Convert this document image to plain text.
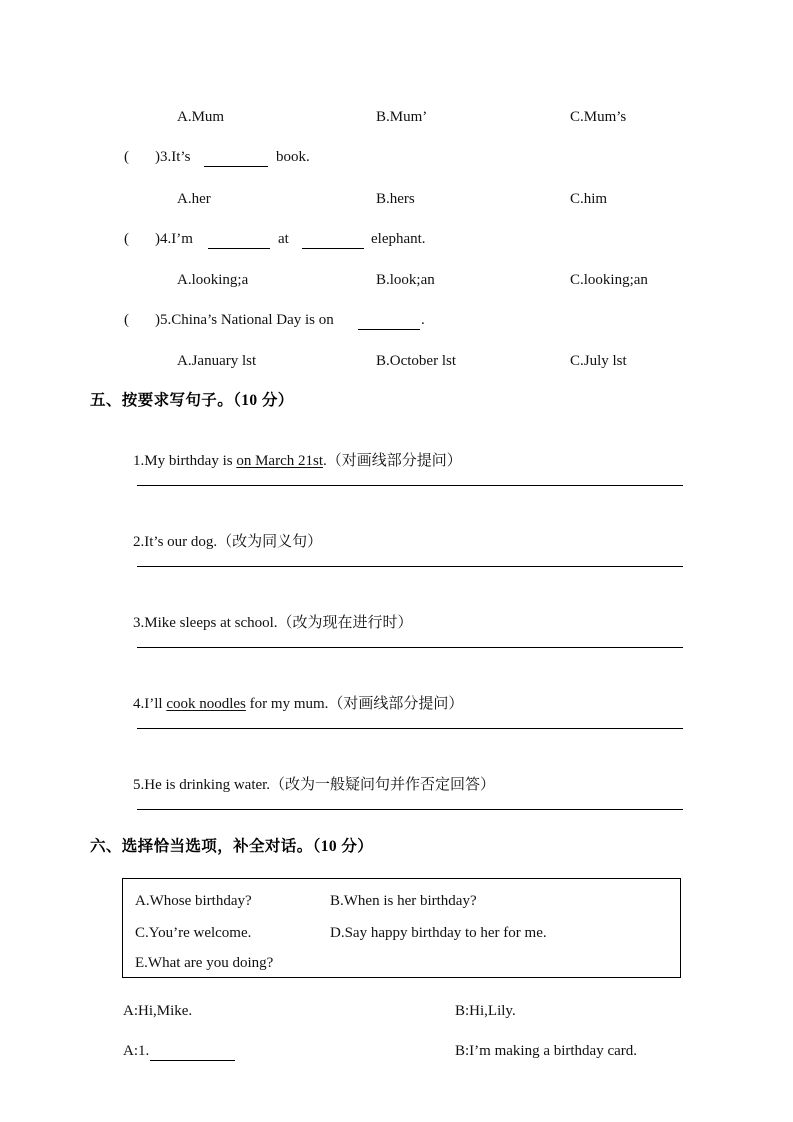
A.Mum	B.Mum’	C.Mum’s
( )3.It’s	book.
A.her	B.hers	C.him
( )4.I’m	at	elephant.
A.looking;a	B.look;an	C.looking;an
( )5.China’s National Day is on	.
A.January lst	B.October lst	C.July lst
五、按要求写句子。（10 分）

1.My birthday is on March 21st.（对画线部分提问）

2.It’s our dog.（改为同义句）

3.Mike sleeps at school.（改为现在进行时）

4.I’ll cook noodles for my mum.（对画线部分提问）

5.He is drinking water.（改为一般疑问句并作否定回答）

六、选择恰当选项，补全对话。（10 分）
A.Whose birthday?	B.When is her birthday?
C.You’re welcome.	D.Say happy birthday to her for me.
E.What are you doing?
A:Hi,Mike.	B:Hi,Lily.
A:1.	B:I’m making a birthday card.
